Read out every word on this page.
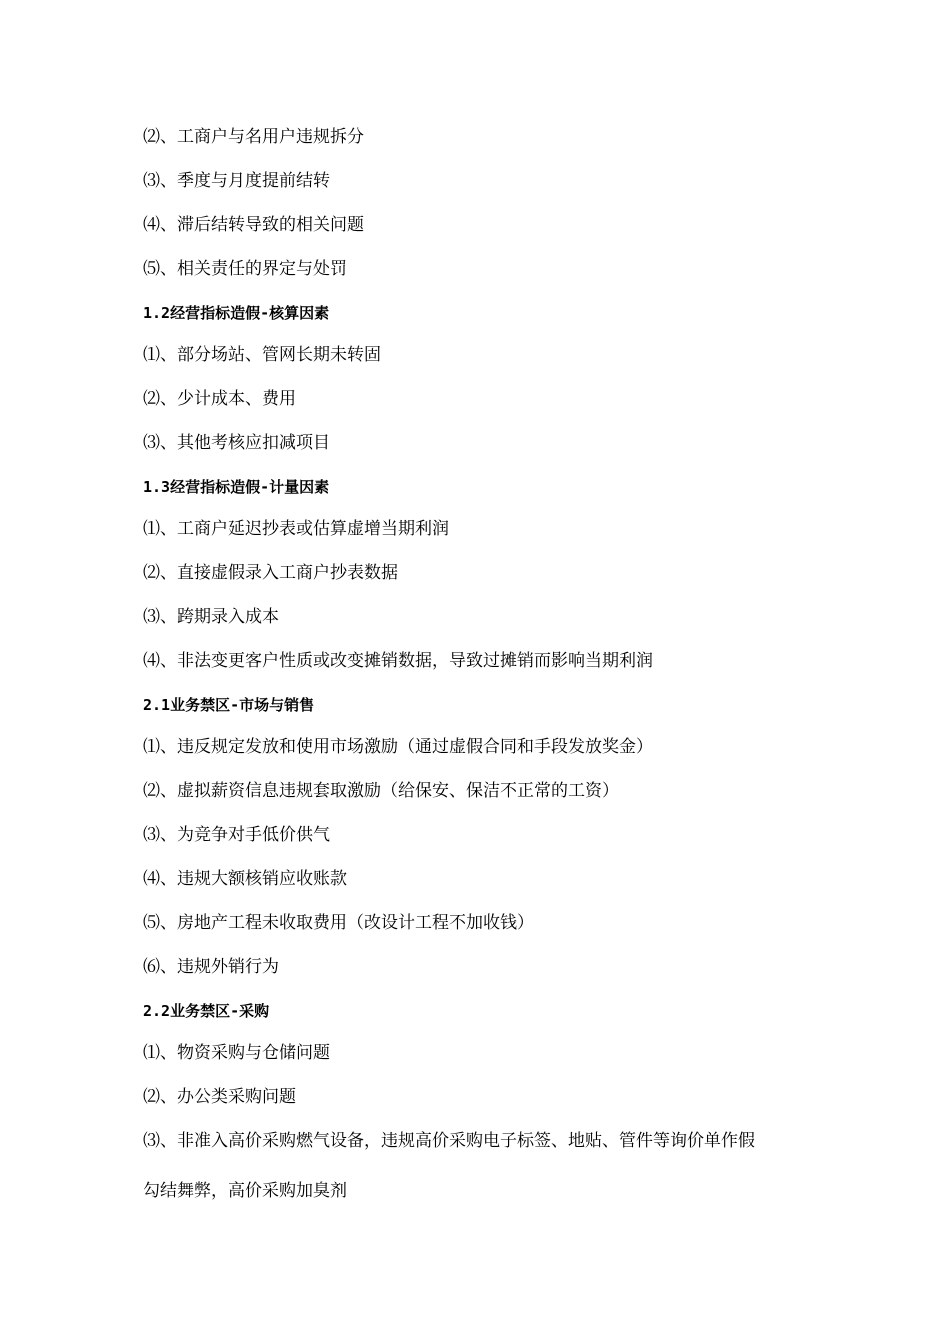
⑵、工商户与名用户违规拆分
⑶、季度与月度提前结转
⑷、滞后结转导致的相关问题
⑸、相关责任的界定与处罚
1.2经营指标造假-核算因素
⑴、部分场站、管网长期未转固
⑵、少计成本、费用
⑶、其他考核应扣减项目
1.3经营指标造假-计量因素
⑴、工商户延迟抄表或估算虚增当期利润
⑵、直接虚假录入工商户抄表数据
⑶、跨期录入成本
⑷、非法变更客户性质或改变摊销数据，导致过摊销而影响当期利润
2.1业务禁区-市场与销售
⑴、违反规定发放和使用市场激励（通过虚假合同和手段发放奖金）
⑵、虚拟薪资信息违规套取激励（给保安、保洁不正常的工资）
⑶、为竞争对手低价供气
⑷、违规大额核销应收账款
⑸、房地产工程未收取费用（改设计工程不加收钱）
⑹、违规外销行为
2.2业务禁区-采购
⑴、物资采购与仓储问题
⑵、办公类采购问题
⑶、非准入高价采购燃气设备，违规高价采购电子标签、地贴、管件等询价单作假
勾结舞弊，高价采购加臭剂
